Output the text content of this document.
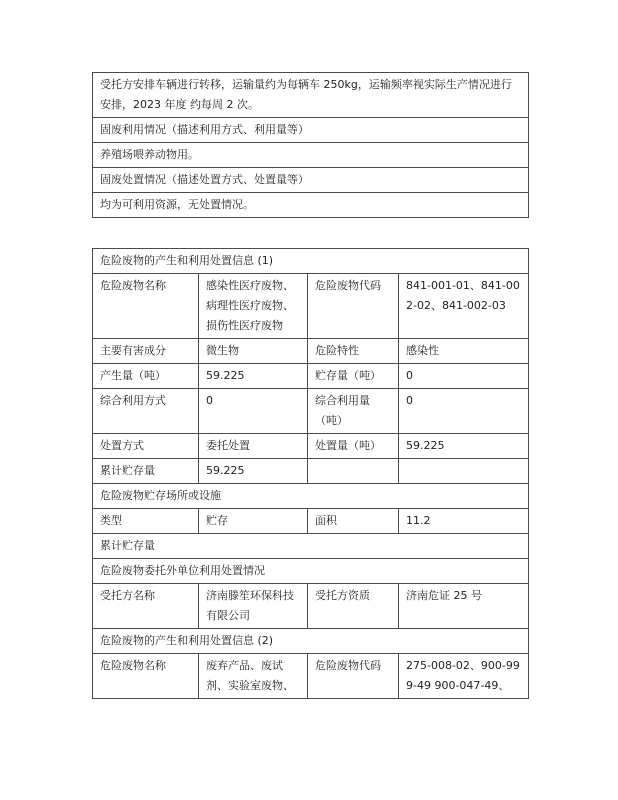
受托方安排车辆进行转移，运输量约为每辆车 250kg，运输频率视实际生产情况进行安排，2023 年度 约每周 2 次。
固废利用情况（描述利用方式、利用量等）
养殖场喂养动物用。
固废处置情况（描述处置方式、处置量等）
均为可利用资源，无处置情况。
危险废物的产生和利用处置信息 (1)			
危险废物名称	感染性医疗废物、病理性医疗废物、损伤性医疗废物	危险废物代码	841-001-01、841-002-02、841-002-03
主要有害成分	微生物	危险特性	感染性
产生量（吨）	59.225	贮存量（吨）	0
综合利用方式	0	综合利用量（吨）	0
处置方式	委托处置	处置量（吨）	59.225
累计贮存量	59.225		
危险废物贮存场所或设施			
类型	贮存	面积	11.2
累计贮存量			
危险废物委托外单位利用处置情况			
受托方名称	济南滕笙环保科技有限公司	受托方资质	济南危证 25 号
危险废物的产生和利用处置信息 (2)			
危险废物名称	废弃产品、废试剂、实验室废物、	危险废物代码	275-008-02、900-999-49 900-047-49、
